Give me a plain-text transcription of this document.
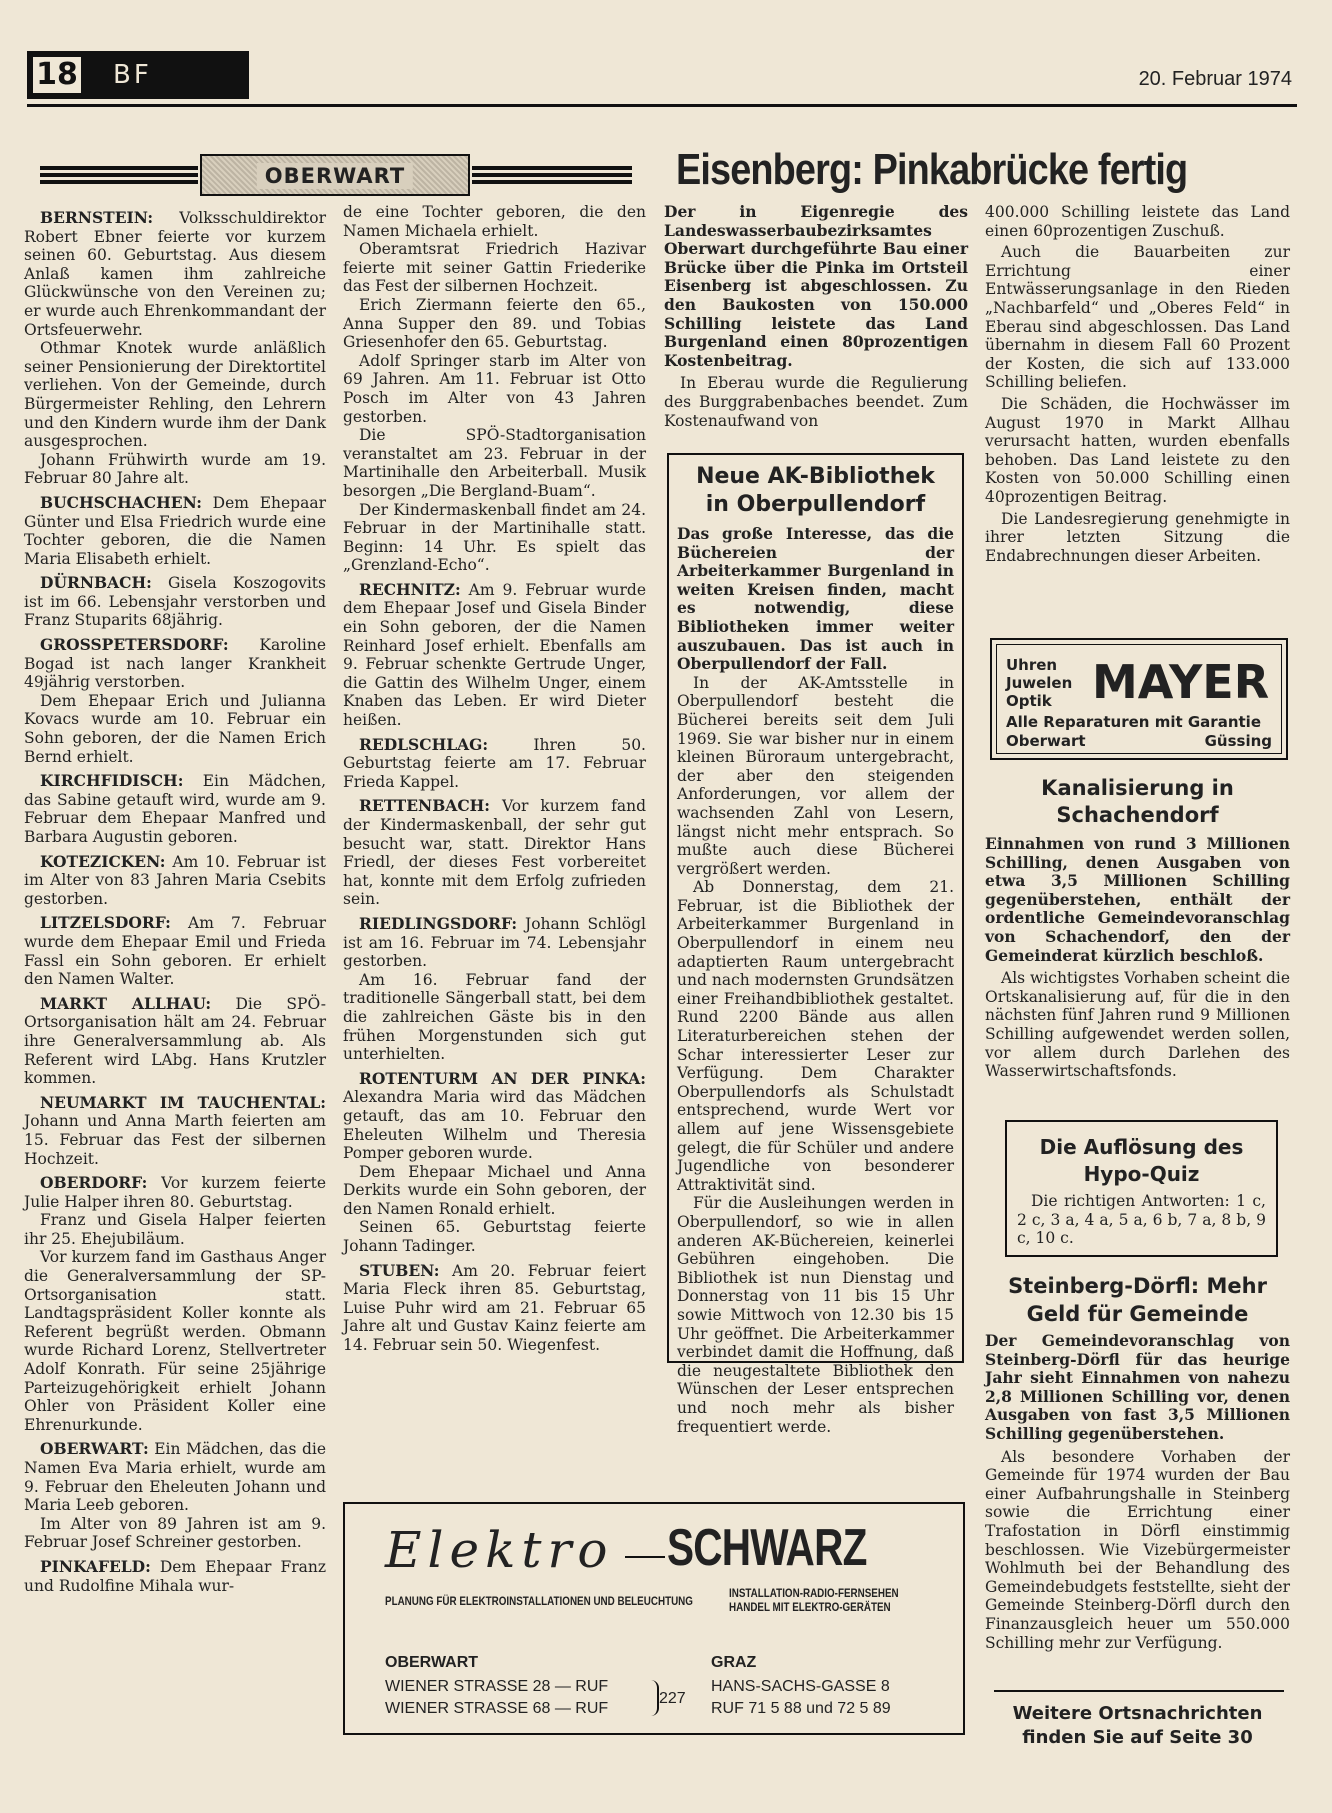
18 BF	20. Februar 1974
OBERWART

BERNSTEIN: Volksschuldirektor Robert Ebner feierte vor kurzem seinen 60. Geburtstag. Aus diesem Anlaß kamen ihm zahlreiche Glückwünsche von den Vereinen zu; er wurde auch Ehrenkommandant der Ortsfeuerwehr.

Othmar Knotek wurde anläßlich seiner Pensionierung der Direktortitel verliehen. Von der Gemeinde, durch Bürgermeister Rehling, den Lehrern und den Kindern wurde ihm der Dank ausgesprochen.

Johann Frühwirth wurde am 19. Februar 80 Jahre alt.

BUCHSCHACHEN: Dem Ehepaar Günter und Elsa Friedrich wurde eine Tochter geboren, die die Namen Maria Elisabeth erhielt.

DÜRNBACH: Gisela Koszogovits ist im 66. Lebensjahr verstorben und Franz Stuparits 68jährig.

GROSSPETERSDORF: Karoline Bogad ist nach langer Krankheit 49jährig verstorben.

Dem Ehepaar Erich und Julianna Kovacs wurde am 10. Februar ein Sohn geboren, der die Namen Erich Bernd erhielt.

KIRCHFIDISCH: Ein Mädchen, das Sabine getauft wird, wurde am 9. Februar dem Ehepaar Manfred und Barbara Augustin geboren.

KOTEZICKEN: Am 10. Februar ist im Alter von 83 Jahren Maria Csebits gestorben.

LITZELSDORF: Am 7. Februar wurde dem Ehepaar Emil und Frieda Fassl ein Sohn geboren. Er erhielt den Namen Walter.

MARKT ALLHAU: Die SPÖ-Ortsorganisation hält am 24. Februar ihre Generalversammlung ab. Als Referent wird LAbg. Hans Krutzler kommen.

NEUMARKT IM TAUCHENTAL: Johann und Anna Marth feierten am 15. Februar das Fest der silbernen Hochzeit.

OBERDORF: Vor kurzem feierte Julie Halper ihren 80. Geburtstag.

Franz und Gisela Halper feierten ihr 25. Ehejubiläum.

Vor kurzem fand im Gasthaus Anger die Generalversammlung der SP-Ortsorganisation statt. Landtagspräsident Koller konnte als Referent begrüßt werden. Obmann wurde Richard Lorenz, Stellvertreter Adolf Konrath. Für seine 25jährige Parteizugehörigkeit erhielt Johann Ohler von Präsident Koller eine Ehrenurkunde.

OBERWART: Ein Mädchen, das die Namen Eva Maria erhielt, wurde am 9. Februar den Eheleuten Johann und Maria Leeb geboren.

Im Alter von 89 Jahren ist am 9. Februar Josef Schreiner gestorben.

PINKAFELD: Dem Ehepaar Franz und Rudolfine Mihala wur-

de eine Tochter geboren, die den Namen Michaela erhielt.

Oberamtsrat Friedrich Hazivar feierte mit seiner Gattin Friederike das Fest der silbernen Hochzeit.

Erich Ziermann feierte den 65., Anna Supper den 89. und Tobias Griesenhofer den 65. Geburtstag.

Adolf Springer starb im Alter von 69 Jahren. Am 11. Februar ist Otto Posch im Alter von 43 Jahren gestorben.

Die SPÖ-Stadtorganisation veranstaltet am 23. Februar in der Martinihalle den Arbeiterball. Musik besorgen „Die Bergland-Buam“.

Der Kindermaskenball findet am 24. Februar in der Martinihalle statt. Beginn: 14 Uhr. Es spielt das „Grenzland-Echo“.

RECHNITZ: Am 9. Februar wurde dem Ehepaar Josef und Gisela Binder ein Sohn geboren, der die Namen Reinhard Josef erhielt. Ebenfalls am 9. Februar schenkte Gertrude Unger, die Gattin des Wilhelm Unger, einem Knaben das Leben. Er wird Dieter heißen.

REDLSCHLAG: Ihren 50. Geburtstag feierte am 17. Februar Frieda Kappel.

RETTENBACH: Vor kurzem fand der Kindermaskenball, der sehr gut besucht war, statt. Direktor Hans Friedl, der dieses Fest vorbereitet hat, konnte mit dem Erfolg zufrieden sein.

RIEDLINGSDORF: Johann Schlögl ist am 16. Februar im 74. Lebensjahr gestorben.

Am 16. Februar fand der traditionelle Sängerball statt, bei dem die zahlreichen Gäste bis in den frühen Morgenstunden sich gut unterhielten.

ROTENTURM AN DER PINKA: Alexandra Maria wird das Mädchen getauft, das am 10. Februar den Eheleuten Wilhelm und Theresia Pomper geboren wurde.

Dem Ehepaar Michael und Anna Derkits wurde ein Sohn geboren, der den Namen Ronald erhielt.

Seinen 65. Geburtstag feierte Johann Tadinger.

STUBEN: Am 20. Februar feiert Maria Fleck ihren 85. Geburtstag, Luise Puhr wird am 21. Februar 65 Jahre alt und Gustav Kainz feierte am 14. Februar sein 50. Wiegenfest.

Eisenberg: Pinkabrücke fertig
Der in Eigenregie des Landeswasserbaubezirksamtes Oberwart durchgeführte Bau einer Brücke über die Pinka im Ortsteil Eisenberg ist abgeschlossen. Zu den Baukosten von 150.000 Schilling leistete das Land Burgenland einen 80prozentigen Kostenbeitrag.

In Eberau wurde die Regulierung des Burggrabenbaches beendet. Zum Kostenaufwand von

400.000 Schilling leistete das Land einen 60prozentigen Zuschuß.

Auch die Bauarbeiten zur Errichtung einer Entwässerungsanlage in den Rieden „Nachbarfeld“ und „Oberes Feld“ in Eberau sind abgeschlossen. Das Land übernahm in diesem Fall 60 Prozent der Kosten, die sich auf 133.000 Schilling beliefen.

Die Schäden, die Hochwässer im August 1970 in Markt Allhau verursacht hatten, wurden ebenfalls behoben. Das Land leistete zu den Kosten von 50.000 Schilling einen 40prozentigen Beitrag.

Die Landesregierung genehmigte in ihrer letzten Sitzung die Endabrechnungen dieser Arbeiten.

Neue AK-Bibliothek in Oberpullendorf
Das große Interesse, das die Büchereien der Arbeiterkammer Burgenland in weiten Kreisen finden, macht es notwendig, diese Bibliotheken immer weiter auszubauen. Das ist auch in Oberpullendorf der Fall.

In der AK-Amtsstelle in Oberpullendorf besteht die Bücherei bereits seit dem Juli 1969. Sie war bisher nur in einem kleinen Büroraum untergebracht, der aber den steigenden Anforderungen, vor allem der wachsenden Zahl von Lesern, längst nicht mehr entsprach. So mußte auch diese Bücherei vergrößert werden.

Ab Donnerstag, dem 21. Februar, ist die Bibliothek der Arbeiterkammer Burgenland in Oberpullendorf in einem neu adaptierten Raum untergebracht und nach modernsten Grundsätzen einer Freihandbibliothek gestaltet. Rund 2200 Bände aus allen Literaturbereichen stehen der Schar interessierter Leser zur Verfügung. Dem Charakter Oberpullendorfs als Schulstadt entsprechend, wurde Wert vor allem auf jene Wissensgebiete gelegt, die für Schüler und andere Jugendliche von besonderer Attraktivität sind.

Für die Ausleihungen werden in Oberpullendorf, so wie in allen anderen AK-Büchereien, keinerlei Gebühren eingehoben. Die Bibliothek ist nun Dienstag und Donnerstag von 11 bis 15 Uhr sowie Mittwoch von 12.30 bis 15 Uhr geöffnet. Die Arbeiterkammer verbindet damit die Hoffnung, daß die neugestaltete Bibliothek den Wünschen der Leser entsprechen und noch mehr als bisher frequentiert werde.

Uhren
Juwelen
Optik MAYER
Alle Reparaturen mit Garantie
Oberwart	Güssing
Kanalisierung in Schachendorf
Einnahmen von rund 3 Millionen Schilling, denen Ausgaben von etwa 3,5 Millionen Schilling gegenüberstehen, enthält der ordentliche Gemeindevoranschlag von Schachendorf, den der Gemeinderat kürzlich beschloß.

Als wichtigstes Vorhaben scheint die Ortskanalisierung auf, für die in den nächsten fünf Jahren rund 9 Millionen Schilling aufgewendet werden sollen, vor allem durch Darlehen des Wasserwirtschaftsfonds.

Die Auflösung des Hypo-Quiz
Die richtigen Antworten: 1 c, 2 c, 3 a, 4 a, 5 a, 6 b, 7 a, 8 b, 9 c, 10 c.
Steinberg-Dörfl: Mehr Geld für Gemeinde
Der Gemeindevoranschlag von Steinberg-Dörfl für das heurige Jahr sieht Einnahmen von nahezu 2,8 Millionen Schilling vor, denen Ausgaben von fast 3,5 Millionen Schilling gegenüberstehen.

Als besondere Vorhaben der Gemeinde für 1974 wurden der Bau einer Aufbahrungshalle in Steinberg sowie die Errichtung einer Trafostation in Dörfl einstimmig beschlossen. Wie Vizebürgermeister Wohlmuth bei der Behandlung des Gemeindebudgets feststellte, sieht der Gemeinde Steinberg-Dörfl durch den Finanzausgleich heuer um 550.000 Schilling mehr zur Verfügung.

Weitere Ortsnachrichten
finden Sie auf Seite 30
Elektro SCHWARZ
PLANUNG FÜR ELEKTROINSTALLATIONEN UND BELEUCHTUNG
INSTALLATION-RADIO-FERNSEHEN
HANDEL MIT ELEKTRO-GERÄTEN
OBERWART
WIENER STRASSE 28 — RUF
WIENER STRASSE 68 — RUF
227
GRAZ
HANS-SACHS-GASSE 8
RUF 71 5 88 und 72 5 89
